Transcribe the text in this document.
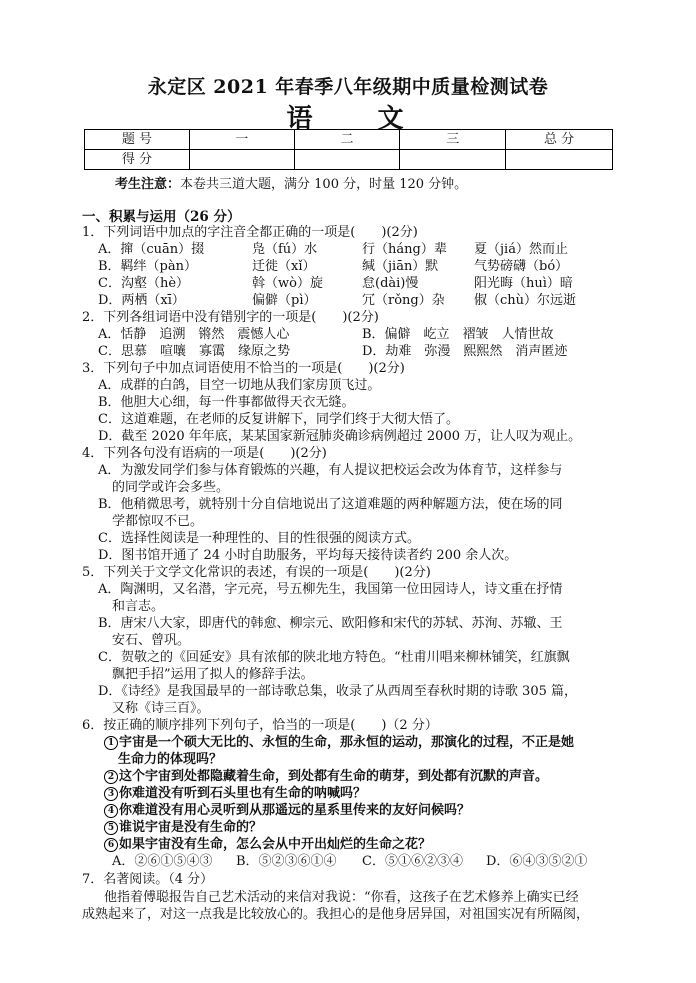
永定区 2021 年春季八年级期中质量检测试卷
语 文
题 号	一	二	三	总 分
得 分				
考生注意：本卷共三道大题，满分 100 分，时量 120 分钟。
一、积累与运用（26 分）
1．下列词语中加点的字注音全都正确的一项是(　　)(2分)
A．撺（cuān）掇	凫（fú）水	行（háng）辈 夏（jiá）然而止
B．羁绊（pàn）	迁徙（xǐ）	缄（jiān）默	气势磅礴（bó）
C．沟壑（hè）	斡（wò）旋	怠(dài)慢	阳光晦（huì）暗
D．两栖（xī）	偏僻（pì）	冗（rǒng）杂 俶（chù）尔远逝
2．下列各组词语中没有错别字的一项是(　　)(2分)
A．恬静　追溯　锵然　震憾人心	B．偏僻　屹立　褶皱　人情世故
C．思慕　喧嚷　寡霭　缘原之势	D．劫难　弥漫　熙熙然　消声匿迹
3．下列句子中加点词语使用不恰当的一项是(　　)(2分)
A．成群的白鸽，目空一切地从我们家房顶飞过。
B．他胆大心细，每一件事都做得天衣无缝。
C．这道难题，在老师的反复讲解下，同学们终于大彻大悟了。
D．截至 2020 年年底，某某国家新冠肺炎确诊病例超过 2000 万，让人叹为观止。
4．下列各句没有语病的一项是(　　)(2分)
A．为激发同学们参与体育锻炼的兴趣，有人提议把校运会改为体育节，这样参与
的同学或许会多些。
B．他稍微思考，就特别十分自信地说出了这道难题的两种解题方法，使在场的同
学都惊叹不已。
C．选择性阅读是一种理性的、目的性很强的阅读方式。
D．图书馆开通了 24 小时自助服务，平均每天接待读者约 200 余人次。
5．下列关于文学文化常识的表述，有误的一项是(　　)(2分)
A．陶渊明，又名潜，字元亮，号五柳先生，我国第一位田园诗人，诗文重在抒情
和言志。
B．唐宋八大家，即唐代的韩愈、柳宗元、欧阳修和宋代的苏轼、苏洵、苏辙、王
安石、曾巩。
C．贺敬之的《回延安》具有浓郁的陕北地方特色。“杜甫川唱来柳林铺笑，红旗飘
飘把手招”运用了拟人的修辞手法。
D．《诗经》是我国最早的一部诗歌总集，收录了从西周至春秋时期的诗歌 305 篇，
又称《诗三百》。
6．按正确的顺序排列下列句子，恰当的一项是(　　)（2 分）
1 宇宙是一个硕大无比的、永恒的生命，那永恒的运动，那演化的过程，不正是她
生命力的体现吗？
2 这个宇宙到处都隐藏着生命，到处都有生命的萌芽，到处都有沉默的声音。
3 你难道没有听到石头里也有生命的呐喊吗？
4 你难道没有用心灵听到从那遥远的星系里传来的友好问候吗？
5 谁说宇宙是没有生命的？
6 如果宇宙没有生命，怎么会从中开出灿烂的生命之花？
A．②⑥①⑤④③ B．⑤②③⑥①④ C．⑤①⑥②③④ D．⑥④③⑤②①
7．名著阅读。（4 分）
他指着傅聪报告自己艺术活动的来信对我说：“你看，这孩子在艺术修养上确实已经
成熟起来了，对这一点我是比较放心的。我担心的是他身居异国，对祖国实况有所隔阂，
